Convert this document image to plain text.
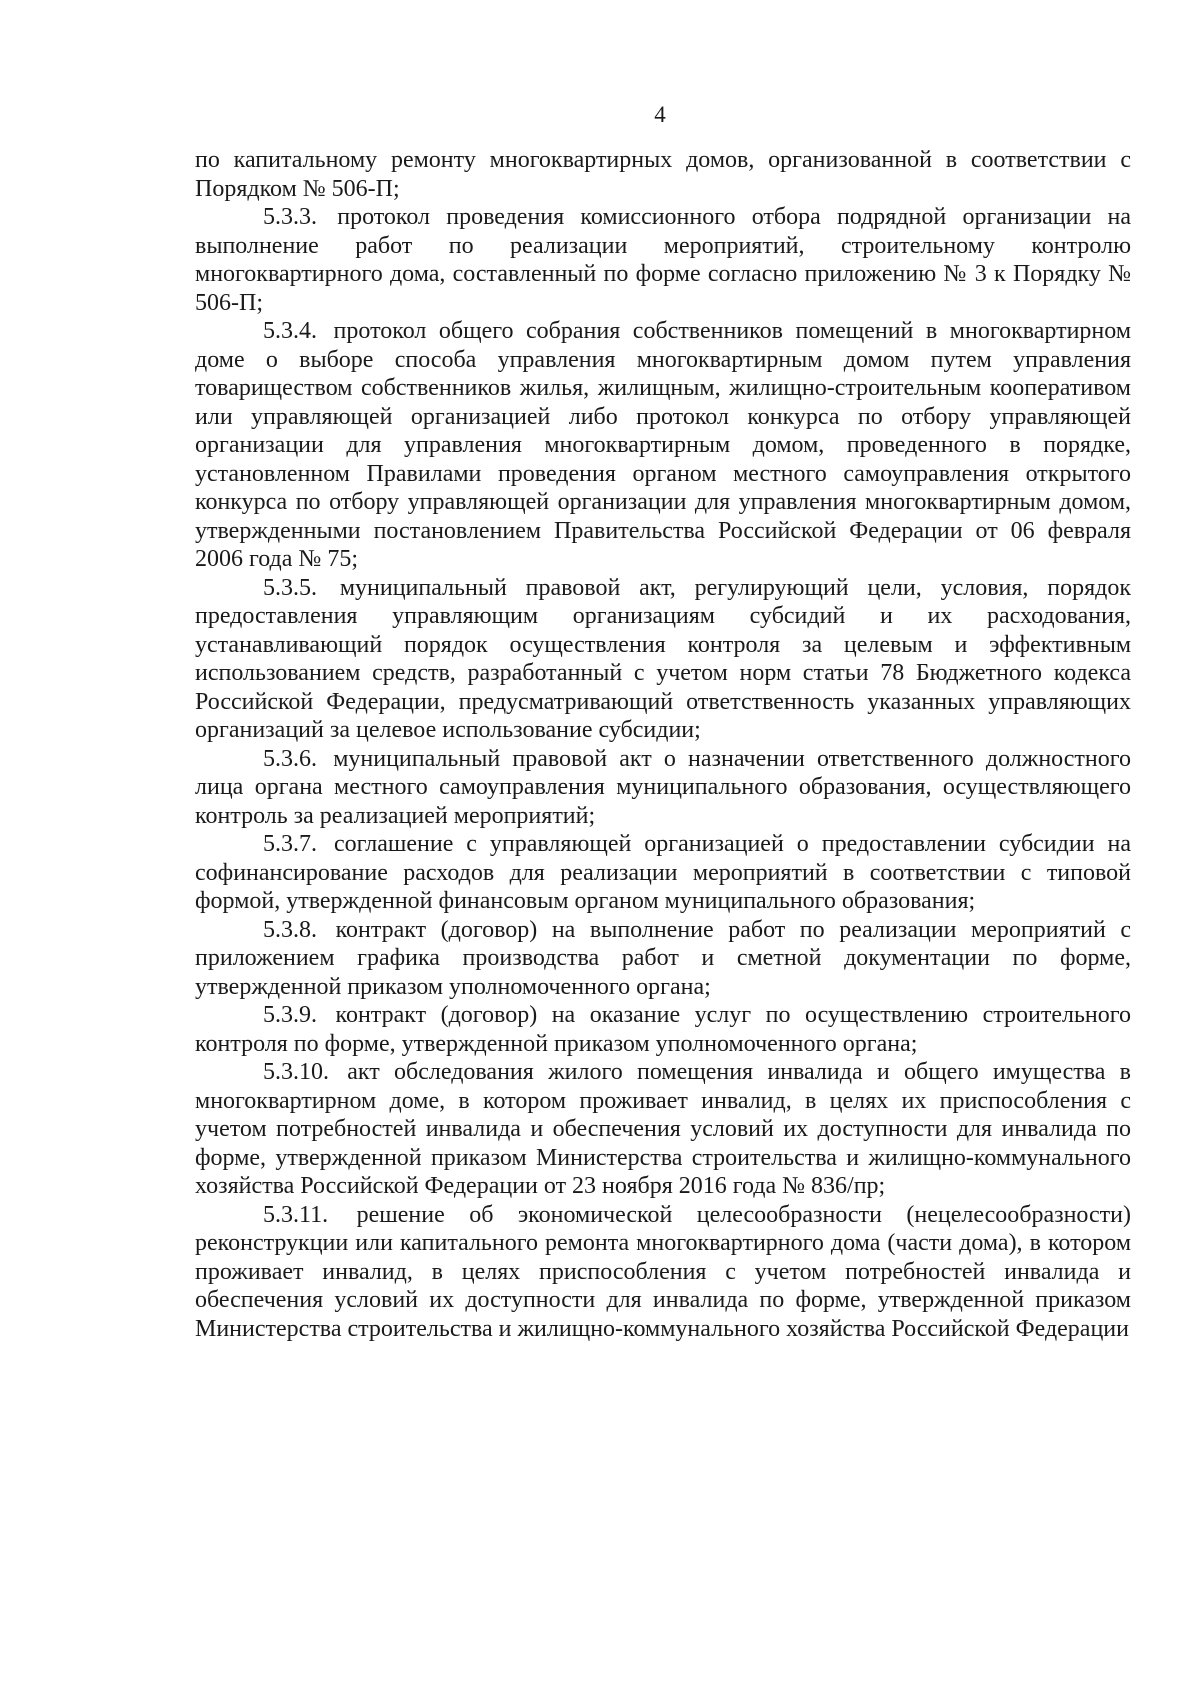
4

по капитальному ремонту многоквартирных домов, организованной в соответствии с Порядком № 506-П;

5.3.3. протокол проведения комиссионного отбора подрядной организации на выполнение работ по реализации мероприятий, строительному контролю многоквартирного дома, составленный по форме согласно приложению № 3 к Порядку № 506-П;

5.3.4. протокол общего собрания собственников помещений в многоквартирном доме о выборе способа управления многоквартирным домом путем управления товариществом собственников жилья, жилищным, жилищно-строительным кооперативом или управляющей организацией либо протокол конкурса по отбору управляющей организации для управления многоквартирным домом, проведенного в порядке, установленном Правилами проведения органом местного самоуправления открытого конкурса по отбору управляющей организации для управления многоквартирным домом, утвержденными постановлением Правительства Российской Федерации от 06 февраля 2006 года № 75;

5.3.5. муниципальный правовой акт, регулирующий цели, условия, порядок предоставления управляющим организациям субсидий и их расходования, устанавливающий порядок осуществления контроля за целевым и эффективным использованием средств, разработанный с учетом норм статьи 78 Бюджетного кодекса Российской Федерации, предусматривающий ответственность указанных управляющих организаций за целевое использование субсидии;

5.3.6. муниципальный правовой акт о назначении ответственного должностного лица органа местного самоуправления муниципального образования, осуществляющего контроль за реализацией мероприятий;

5.3.7. соглашение с управляющей организацией о предоставлении субсидии на софинансирование расходов для реализации мероприятий в соответствии с типовой формой, утвержденной финансовым органом муниципального образования;

5.3.8. контракт (договор) на выполнение работ по реализации мероприятий с приложением графика производства работ и сметной документации по форме, утвержденной приказом уполномоченного органа;

5.3.9. контракт (договор) на оказание услуг по осуществлению строительного контроля по форме, утвержденной приказом уполномоченного органа;

5.3.10. акт обследования жилого помещения инвалида и общего имущества в многоквартирном доме, в котором проживает инвалид, в целях их приспособления с учетом потребностей инвалида и обеспечения условий их доступности для инвалида по форме, утвержденной приказом Министерства строительства и жилищно-коммунального хозяйства Российской Федерации от 23 ноября 2016 года № 836/пр;

5.3.11. решение об экономической целесообразности (нецелесообразности) реконструкции или капитального ремонта многоквартирного дома (части дома), в котором проживает инвалид, в целях приспособления с учетом потребностей инвалида и обеспечения условий их доступности для инвалида по форме, утвержденной приказом Министерства строительства и жилищно-коммунального хозяйства Российской Федерации
